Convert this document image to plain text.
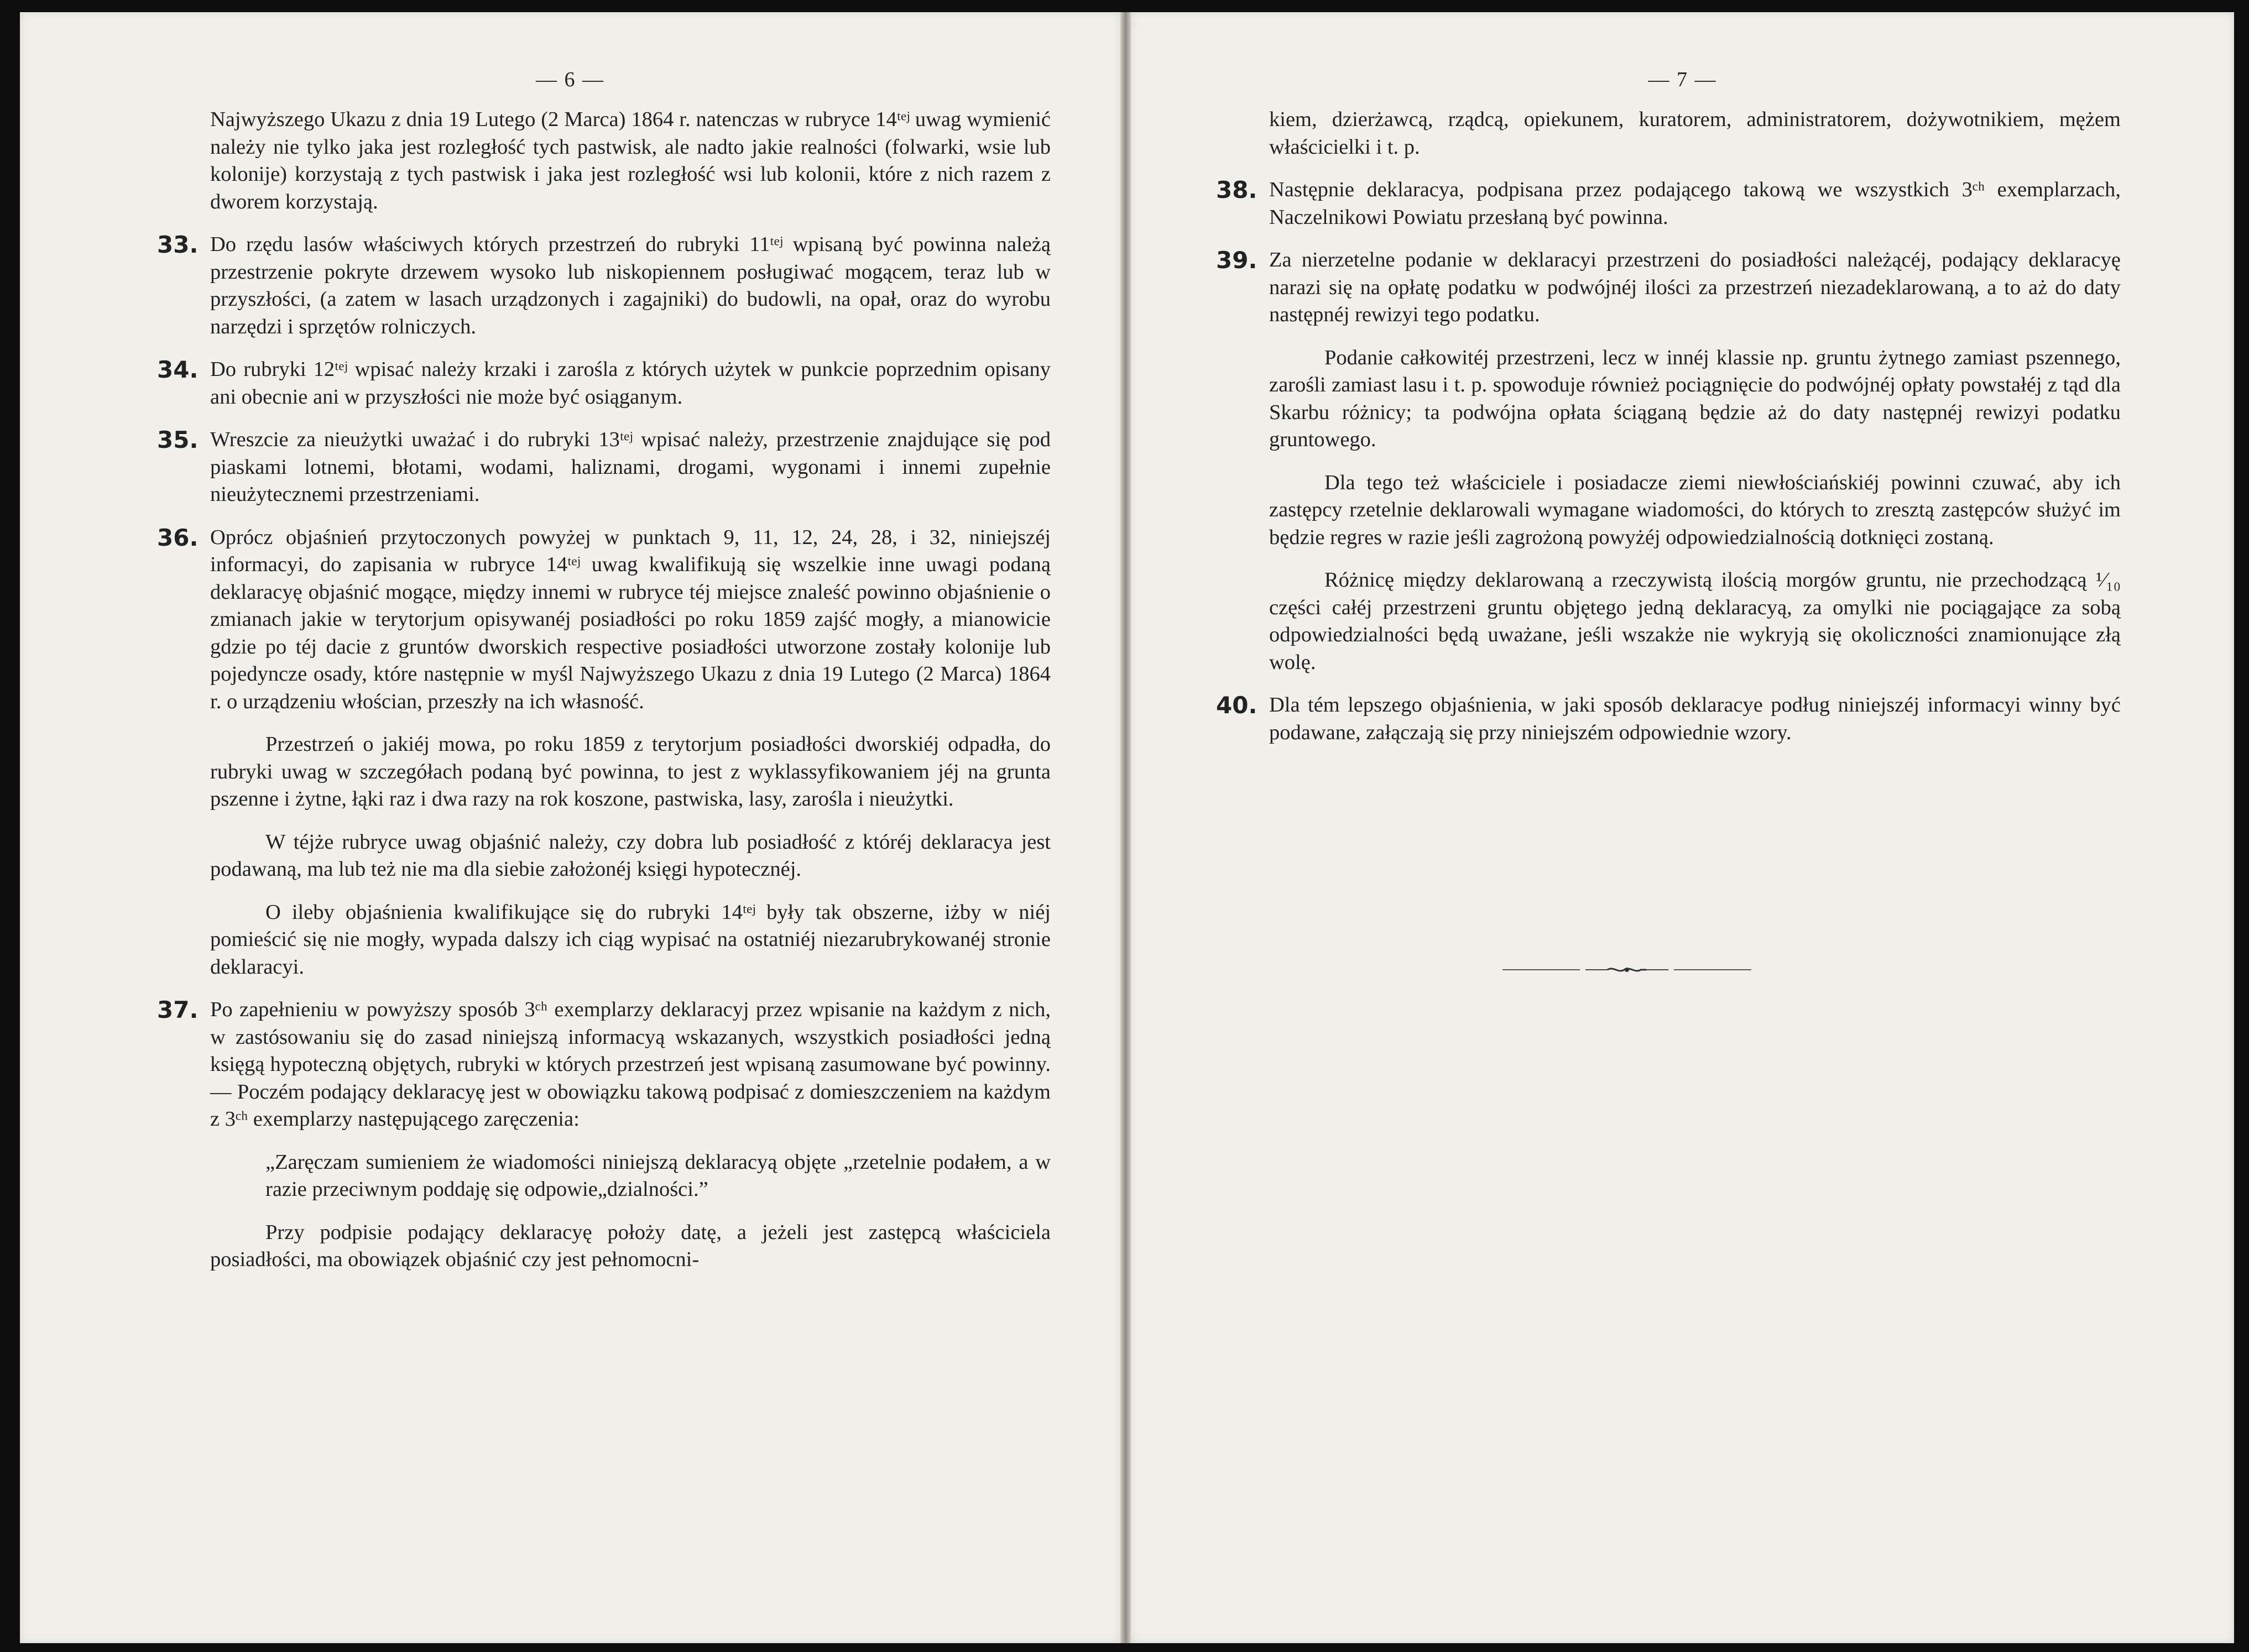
— 6 —

Najwyższego Ukazu z dnia 19 Lutego (2 Marca) 1864 r. natenczas w rubryce 14ᵗᵉʲ uwag wymienić należy nie tylko jaka jest rozległość tych pastwisk, ale nadto jakie realności (folwarki, wsie lub kolonije) korzystają z tych pastwisk i jaka jest rozległość wsi lub kolonii, które z nich razem z dworem korzystają.

33. Do rzędu lasów właściwych których przestrzeń do rubryki 11ᵗᵉʲ wpisaną być powinna należą przestrzenie pokryte drzewem wysoko lub niskopiennem posługiwać mogącem, teraz lub w przyszłości, (a zatem w lasach urządzonych i zagajniki) do budowli, na opał, oraz do wyrobu narzędzi i sprzętów rolniczych.
34. Do rubryki 12ᵗᵉʲ wpisać należy krzaki i zarośla z których użytek w punkcie poprzednim opisany ani obecnie ani w przyszłości nie może być osiąganym.
35. Wreszcie za nieużytki uważać i do rubryki 13ᵗᵉʲ wpisać należy, przestrzenie znajdujące się pod piaskami lotnemi, błotami, wodami, haliznami, drogami, wygonami i innemi zupełnie nieużytecznemi przestrzeniami.
36. Oprócz objaśnień przytoczonych powyżej w punktach 9, 11, 12, 24, 28, i 32, niniejszéj informacyi, do zapisania w rubryce 14ᵗᵉʲ uwag kwalifikują się wszelkie inne uwagi podaną deklaracyę objaśnić mogące, między innemi w rubryce téj miejsce znaleść powinno objaśnienie o zmianach jakie w terytorjum opisywanéj posiadłości po roku 1859 zajść mogły, a mianowicie gdzie po téj dacie z gruntów dworskich respective posiadłości utworzone zostały kolonije lub pojedyncze osady, które następnie w myśl Najwyższego Ukazu z dnia 19 Lutego (2 Marca) 1864 r. o urządzeniu włościan, przeszły na ich własność.

Przestrzeń o jakiéj mowa, po roku 1859 z terytorjum posiadłości dworskiéj odpadła, do rubryki uwag w szczegółach podaną być powinna, to jest z wyklassyfikowaniem jéj na grunta pszenne i żytne, łąki raz i dwa razy na rok koszone, pastwiska, lasy, zarośla i nieużytki.

W téjże rubryce uwag objaśnić należy, czy dobra lub posiadłość z któréj deklaracya jest podawaną, ma lub też nie ma dla siebie założonéj księgi hypotecznéj.

O ileby objaśnienia kwalifikujące się do rubryki 14ᵗᵉʲ były tak obszerne, iżby w niéj pomieścić się nie mogły, wypada dalszy ich ciąg wypisać na ostatniéj niezarubrykowanéj stronie deklaracyi.

37. Po zapełnieniu w powyższy sposób 3ᶜʰ exemplarzy deklaracyj przez wpisanie na każdym z nich, w zastósowaniu się do zasad niniejszą informacyą wskazanych, wszystkich posiadłości jedną księgą hypoteczną objętych, rubryki w których przestrzeń jest wpisaną zasumowane być powinny. — Poczém podający deklaracyę jest w obowiązku takową podpisać z domieszczeniem na każdym z 3ᶜʰ exemplarzy następującego zaręczenia:

„Zaręczam sumieniem że wiadomości niniejszą deklaracyą objęte „rzetelnie podałem, a w razie przeciwnym poddaję się odpowie„dzialności.”

Przy podpisie podający deklaracyę położy datę, a jeżeli jest zastępcą właściciela posiadłości, ma obowiązek objaśnić czy jest pełnomocni-

— 7 —

kiem, dzierżawcą, rządcą, opiekunem, kuratorem, administratorem, dożywotnikiem, mężem właścicielki i t. p.

38. Następnie deklaracya, podpisana przez podającego takową we wszystkich 3ᶜʰ exemplarzach, Naczelnikowi Powiatu przesłaną być powinna.
39. Za nierzetelne podanie w deklaracyi przestrzeni do posiadłości należącéj, podający deklaracyę narazi się na opłatę podatku w podwójnéj ilości za przestrzeń niezadeklarowaną, a to aż do daty następnéj rewizyi tego podatku.

Podanie całkowitéj przestrzeni, lecz w innéj klassie np. gruntu żytnego zamiast pszennego, zarośli zamiast lasu i t. p. spowoduje również pociągnięcie do podwójnéj opłaty powstałéj z tąd dla Skarbu różnicy; ta podwójna opłata ściąganą będzie aż do daty następnéj rewizyi podatku gruntowego.

Dla tego też właściciele i posiadacze ziemi niewłościańskiéj powinni czuwać, aby ich zastępcy rzetelnie deklarowali wymagane wiadomości, do których to zresztą zastępców służyć im będzie regres w razie jeśli zagrożoną powyżéj odpowiedzialnością dotknięci zostaną.

Różnicę między deklarowaną a rzeczywistą ilością morgów gruntu, nie przechodzącą ¹⁄₁₀ części całéj przestrzeni gruntu objętego jedną deklaracyą, za omylki nie pociągające za sobą odpowiedzialności będą uważane, jeśli wszakże nie wykryją się okoliczności znamionujące złą wolę.

40. Dla tém lepszego objaśnienia, w jaki sposób deklaracye podług niniejszéj informacyi winny być podawane, załączają się przy niniejszém odpowiednie wzory.
